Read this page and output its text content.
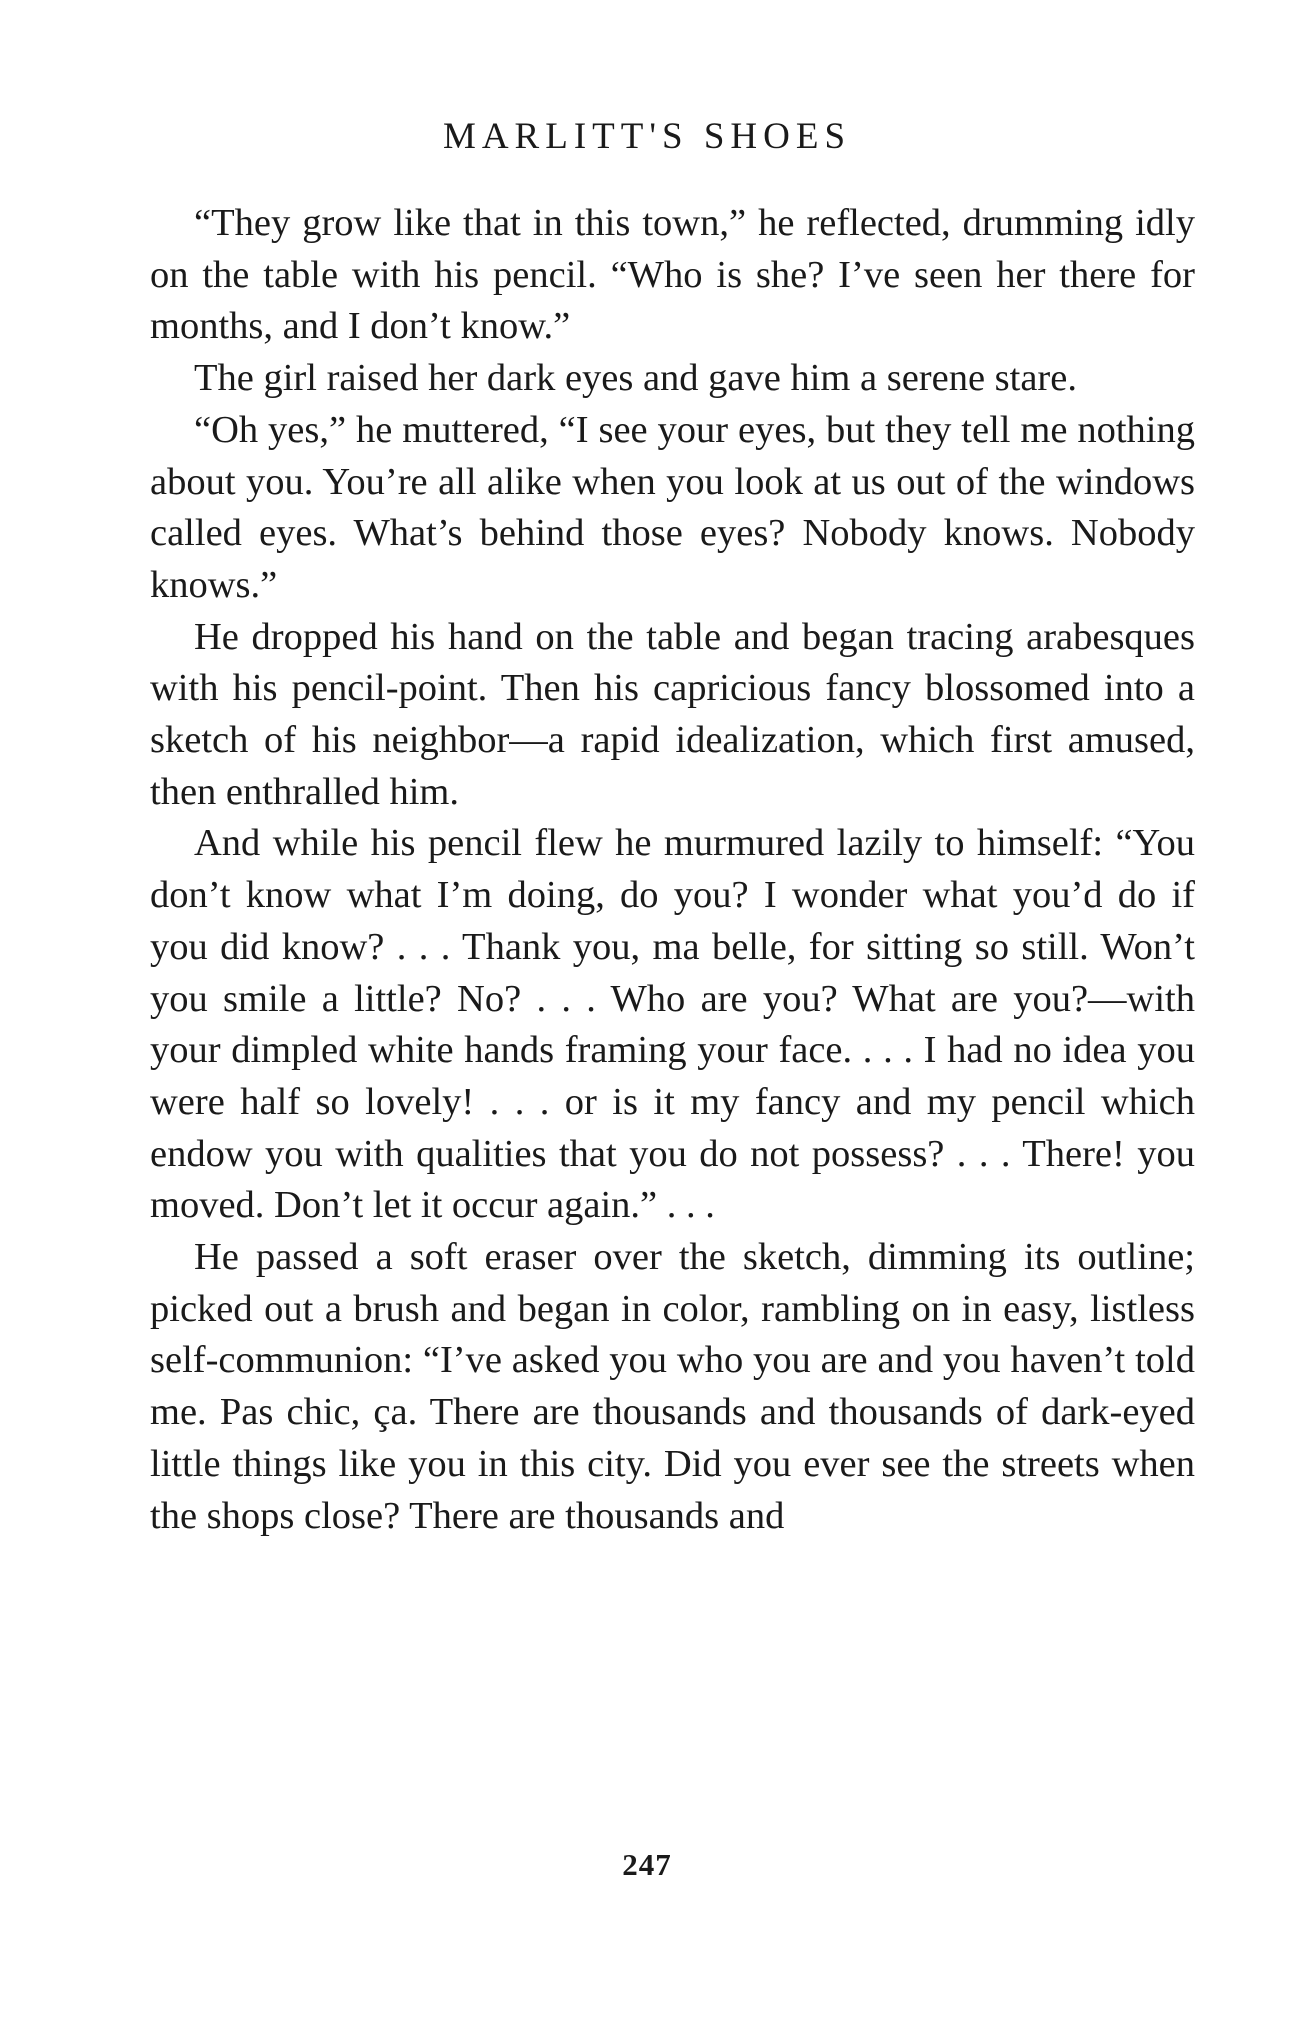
MARLITT'S SHOES

“They grow like that in this town,” he reflected, drumming idly on the table with his pencil. “Who is she? I’ve seen her there for months, and I don’t know.”

The girl raised her dark eyes and gave him a serene stare.

“Oh yes,” he muttered, “I see your eyes, but they tell me nothing about you. You’re all alike when you look at us out of the windows called eyes. What’s behind those eyes? Nobody knows. Nobody knows.”

He dropped his hand on the table and began tracing arabesques with his pencil-point. Then his capricious fancy blossomed into a sketch of his neighbor—a rapid idealization, which first amused, then enthralled him.

And while his pencil flew he murmured lazily to himself: “You don’t know what I’m doing, do you? I wonder what you’d do if you did know? . . . Thank you, ma belle, for sitting so still. Won’t you smile a little? No? . . . Who are you? What are you?—with your dimpled white hands framing your face. . . . I had no idea you were half so lovely! . . . or is it my fancy and my pencil which endow you with qualities that you do not possess? . . . There! you moved. Don’t let it occur again.” . . .

He passed a soft eraser over the sketch, dimming its outline; picked out a brush and began in color, rambling on in easy, listless self-communion: “I’ve asked you who you are and you haven’t told me. Pas chic, ça. There are thousands and thousands of dark-eyed little things like you in this city. Did you ever see the streets when the shops close? There are thousands and

247
